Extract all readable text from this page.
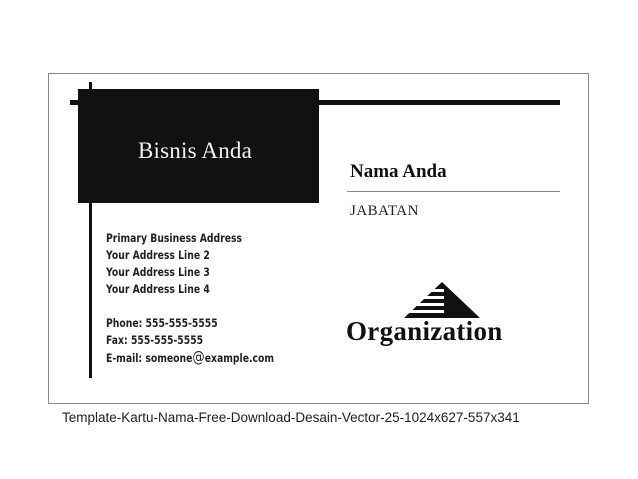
Bisnis Anda
Nama Anda
JABATAN
Primary Business Address
Your Address Line 2
Your Address Line 3
Your Address Line 4
Phone: 555-555-5555
Fax: 555-555-5555
E-mail: someone@example.com
Organization
Template-Kartu-Nama-Free-Download-Desain-Vector-25-1024x627-557x341
